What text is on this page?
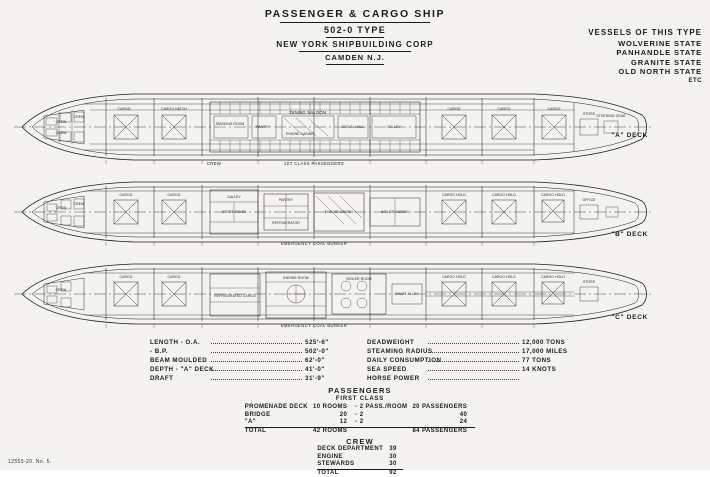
PASSENGER & CARGO SHIP
502-0 TYPE
NEW YORK SHIPBUILDING CORP
CAMDEN N.J.
VESSELS OF THIS TYPE
WOLVERINE STATE
PANHANDLE STATE
GRANITE STATE
OLD NORTH STATE
ETC
CREW
CREW
CREW
CARGO	CARGO HATCH
SMOKING ROOM
PANTRY
DINING SALOON
SOCIAL HALL	GALLEY
ENGINE CASING
CARGO	CARGO	CARGO
STORE STEERING GEAR
1ST CLASS PASSENGERS
CREW
"A" DECK
CREW
CREW
CARGO	CARGO	GALLEY
STORE ROOM
PANTRY
REFRIGERATOR
ENGINE CASING	BOILER CASING
CARGO HOLD	CARGO HOLD	CARGO HOLD
OFFICE
EMERGENCY COAL BUNKER
"B" DECK
CREW
CARGO	CARGO
REFRIGERATED CARGO
ENGINE ROOM	BOILER ROOM
SHAFT ALLEY
CARGO HOLD	CARGO HOLD	CARGO HOLD
STORE
EMERGENCY COAL BUNKER
"C" DECK
LENGTH - O.A.	525'-6"
- B.P.	502'-0"
BEAM MOULDED	62'-0"
DEPTH - "A" DECK	41'-0"
DRAFT	31'-9"
DEADWEIGHT	12,000 TONS
STEAMING RADIUS	17,000 MILES
DAILY CONSUMPTION	77 TONS
SEA SPEED	14 KNOTS
HORSE POWER
PASSENGERS
FIRST CLASS
PROMENADE DECK	10 ROOMS	- 2 PASS./ROOM	20 PASSENGERS
BRIDGE	20	- 2	40
"A"	12	- 2	24
TOTAL	42 ROOMS		84 PASSENGERS
CREW
DECK DEPARTMENT	39
ENGINE	30
STEWARDS	30
TOTAL	92
12559-20. No. 5.
